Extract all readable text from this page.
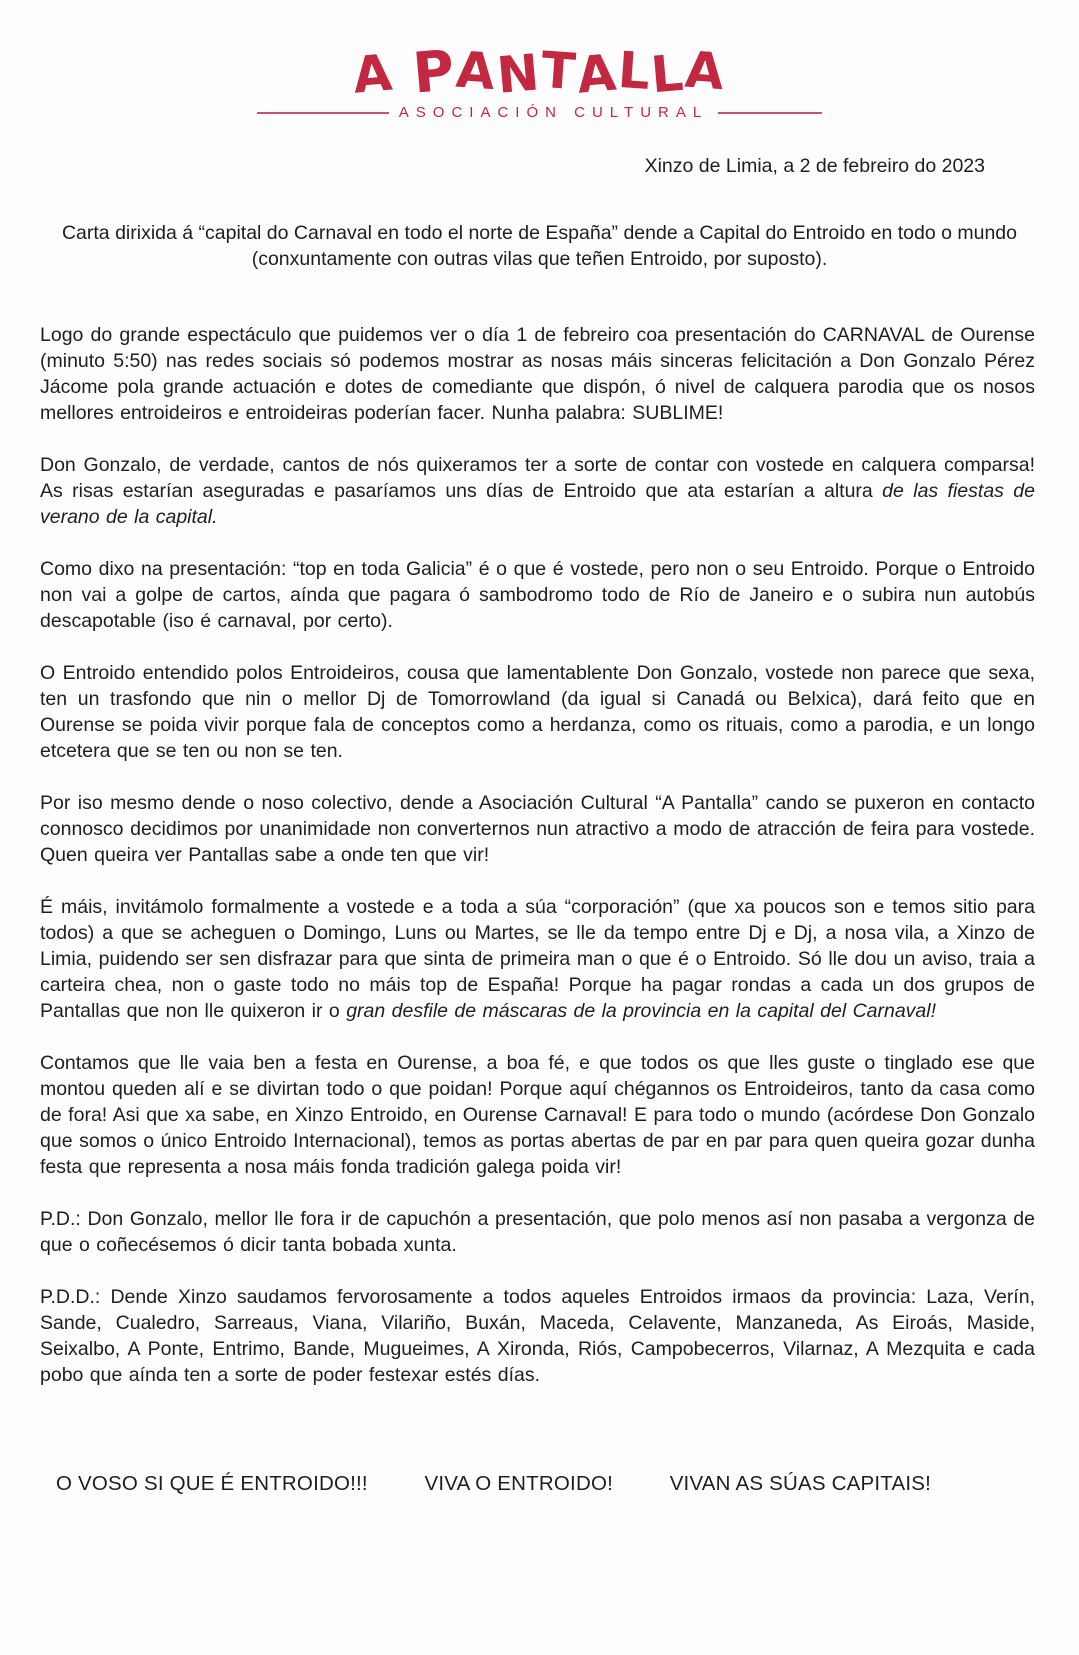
A PANTALLA
ASOCIACIÓN CULTURAL

Xinzo de Limia, a 2 de febreiro do 2023

Carta dirixida á “capital do Carnaval en todo el norte de España” dende a Capital do Entroido en todo o mundo (conxuntamente con outras vilas que teñen Entroido, por suposto).

Logo do grande espectáculo que puidemos ver o día 1 de febreiro coa presentación do CARNAVAL de Ourense (minuto 5:50) nas redes sociais só podemos mostrar as nosas máis sinceras felicitación a Don Gonzalo Pérez Jácome pola grande actuación e dotes de comediante que dispón, ó nivel de calquera parodia que os nosos mellores entroideiros e entroideiras poderían facer. Nunha palabra: SUBLIME!

Don Gonzalo, de verdade, cantos de nós quixeramos ter a sorte de contar con vostede en calquera comparsa! As risas estarían aseguradas e pasaríamos uns días de Entroido que ata estarían a altura de las fiestas de verano de la capital.

Como dixo na presentación: “top en toda Galicia” é o que é vostede, pero non o seu Entroido. Porque o Entroido non vai a golpe de cartos, aínda que pagara ó sambodromo todo de Río de Janeiro e o subira nun autobús descapotable (iso é carnaval, por certo).

O Entroido entendido polos Entroideiros, cousa que lamentablente Don Gonzalo, vostede non parece que sexa, ten un trasfondo que nin o mellor Dj de Tomorrowland (da igual si Canadá ou Belxica), dará feito que en Ourense se poida vivir porque fala de conceptos como a herdanza, como os rituais, como a parodia, e un longo etcetera que se ten ou non se ten.

Por iso mesmo dende o noso colectivo, dende a Asociación Cultural “A Pantalla” cando se puxeron en contacto connosco decidimos por unanimidade non converternos nun atractivo a modo de atracción de feira para vostede. Quen queira ver Pantallas sabe a onde ten que vir!

É máis, invitámolo formalmente a vostede e a toda a súa “corporación” (que xa poucos son e temos sitio para todos) a que se acheguen o Domingo, Luns ou Martes, se lle da tempo entre Dj e Dj, a nosa vila, a Xinzo de Limia, puidendo ser sen disfrazar para que sinta de primeira man o que é o Entroido. Só lle dou un aviso, traia a carteira chea, non o gaste todo no máis top de España! Porque ha pagar rondas a cada un dos grupos de Pantallas que non lle quixeron ir o gran desfile de máscaras de la provincia en la capital del Carnaval!

Contamos que lle vaia ben a festa en Ourense, a boa fé, e que todos os que lles guste o tinglado ese que montou queden alí e se divirtan todo o que poidan! Porque aquí chégannos os Entroideiros, tanto da casa como de fora! Asi que xa sabe, en Xinzo Entroido, en Ourense Carnaval! E para todo o mundo (acórdese Don Gonzalo que somos o único Entroido Internacional), temos as portas abertas de par en par para quen queira gozar dunha festa que representa a nosa máis fonda tradición galega poida vir!

P.D.: Don Gonzalo, mellor lle fora ir de capuchón a presentación, que polo menos así non pasaba a vergonza de que o coñecésemos ó dicir tanta bobada xunta.

P.D.D.: Dende Xinzo saudamos fervorosamente a todos aqueles Entroidos irmaos da provincia: Laza, Verín, Sande, Cualedro, Sarreaus, Viana, Vilariño, Buxán, Maceda, Celavente, Manzaneda, As Eiroás, Maside, Seixalbo, A Ponte, Entrimo, Bande, Mugueimes, A Xironda, Riós, Campobecerros, Vilarnaz, A Mezquita e cada pobo que aínda ten a sorte de poder festexar estés días.

O VOSO SI QUE É ENTROIDO!!!	VIVA O ENTROIDO!	VIVAN AS SÚAS CAPITAIS!
